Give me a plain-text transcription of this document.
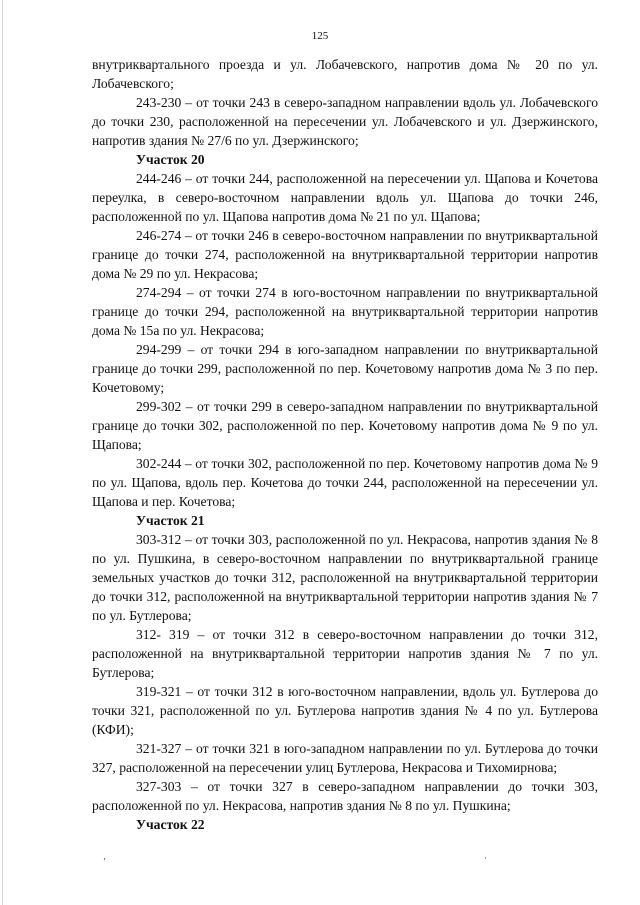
125

внутриквартального проезда и ул. Лобачевского, напротив дома № 20 по ул. Лобачевского;

243-230 – от точки 243 в северо-западном направлении вдоль ул. Лобачевского до точки 230, расположенной на пересечении ул. Лобачевского и ул. Дзержинского, напротив здания № 27/6 по ул. Дзержинского;

Участок 20

244-246 – от точки 244, расположенной на пересечении ул. Щапова и Кочетова переулка, в северо-восточном направлении вдоль ул. Щапова до точки 246, расположенной по ул. Щапова напротив дома № 21 по ул. Щапова;

246-274 – от точки 246 в северо-восточном направлении по внутриквартальной границе до точки 274, расположенной на внутриквартальной территории напротив дома № 29 по ул. Некрасова;

274-294 – от точки 274 в юго-восточном направлении по внутриквартальной границе до точки 294, расположенной на внутриквартальной территории напротив дома № 15а по ул. Некрасова;

294-299 – от точки 294 в юго-западном направлении по внутриквартальной границе до точки 299, расположенной по пер. Кочетовому напротив дома № 3 по пер. Кочетовому;

299-302 – от точки 299 в северо-западном направлении по внутриквартальной границе до точки 302, расположенной по пер. Кочетовому напротив дома № 9 по ул. Щапова;

302-244 – от точки 302, расположенной по пер. Кочетовому напротив дома № 9 по ул. Щапова, вдоль пер. Кочетова до точки 244, расположенной на пересечении ул. Щапова и пер. Кочетова;

Участок 21

303-312 – от точки 303, расположенной по ул. Некрасова, напротив здания № 8 по ул. Пушкина, в северо-восточном направлении по внутриквартальной границе земельных участков до точки 312, расположенной на внутриквартальной территории до точки 312, расположенной на внутриквартальной территории напротив здания № 7 по ул. Бутлерова;

312- 319 – от точки 312 в северо-восточном направлении до точки 312, расположенной на внутриквартальной территории напротив здания № 7 по ул. Бутлерова;

319-321 – от точки 312 в юго-восточном направлении, вдоль ул. Бутлерова до точки 321, расположенной по ул. Бутлерова напротив здания № 4 по ул. Бутлерова (КФИ);

321-327 – от точки 321 в юго-западном направлении по ул. Бутлерова до точки 327, расположенной на пересечении улиц Бутлерова, Некрасова и Тихомирнова;

327-303 – от точки 327 в северо-западном направлении до точки 303, расположенной по ул. Некрасова, напротив здания № 8 по ул. Пушкина;

Участок 22
‚	·
